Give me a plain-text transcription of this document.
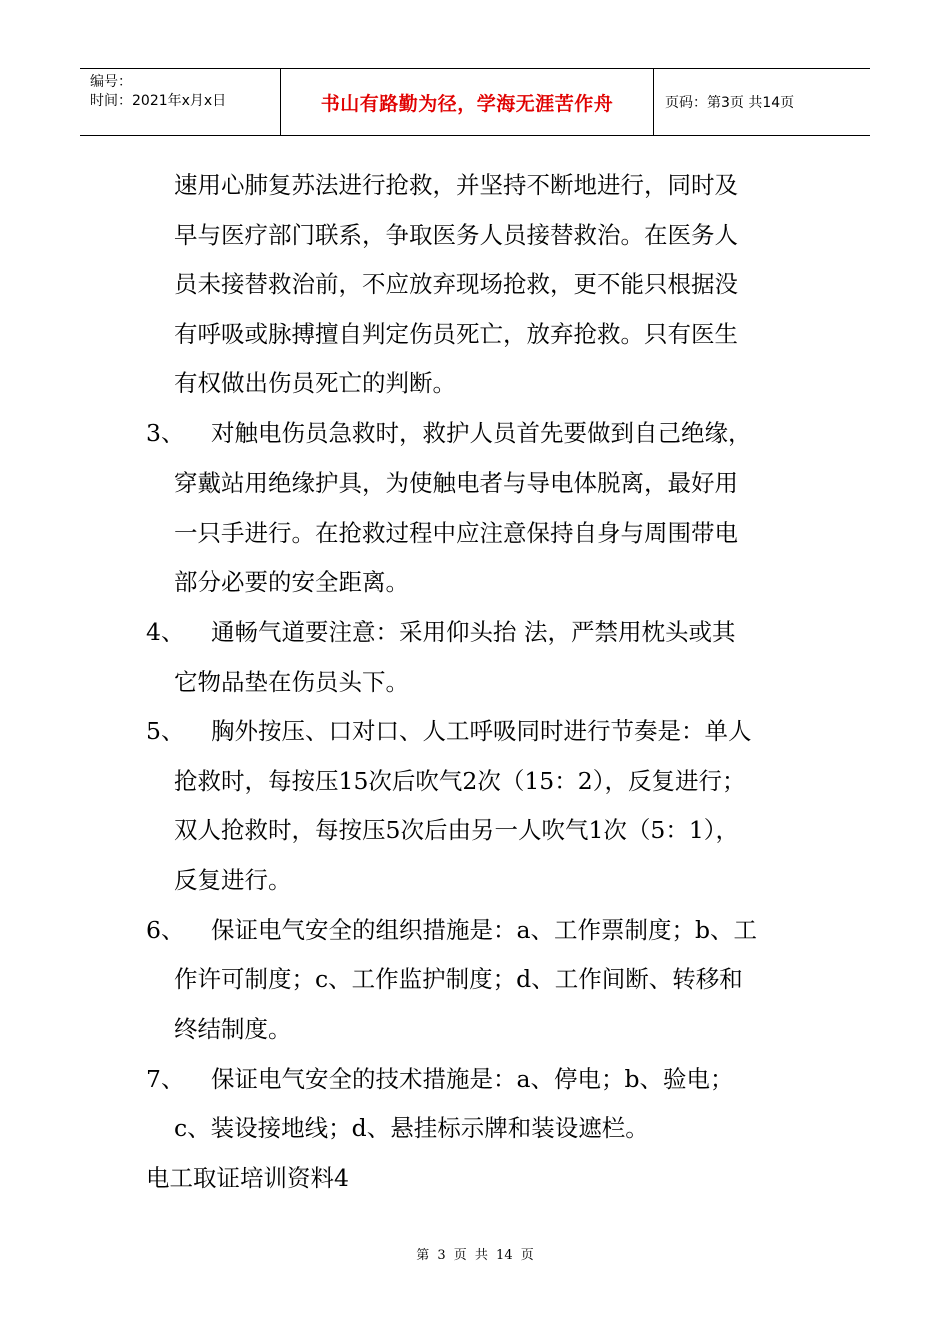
编号：
时间：2021年x月x日	书山有路勤为径，学海无涯苦作舟	页码：第3页 共14页
速用心肺复苏法进行抢救，并坚持不断地进行，同时及
早与医疗部门联系，争取医务人员接替救治。在医务人
员未接替救治前，不应放弃现场抢救，更不能只根据没
有呼吸或脉搏擅自判定伤员死亡，放弃抢救。只有医生
有权做出伤员死亡的判断。
3、 对触电伤员急救时，救护人员首先要做到自己绝缘，
穿戴站用绝缘护具，为使触电者与导电体脱离，最好用
一只手进行。在抢救过程中应注意保持自身与周围带电
部分必要的安全距离。
4、 通畅气道要注意：采用仰头抬 法，严禁用枕头或其
它物品垫在伤员头下。
5、 胸外按压、口对口、人工呼吸同时进行节奏是：单人
抢救时，每按压15次后吹气2次（15：2），反复进行；
双人抢救时，每按压5次后由另一人吹气1次（5：1），
反复进行。
6、 保证电气安全的组织措施是：a、工作票制度；b、工
作许可制度；c、工作监护制度；d、工作间断、转移和
终结制度。
7、 保证电气安全的技术措施是：a、停电；b、验电；
c、装设接地线；d、悬挂标示牌和装设遮栏。
电工取证培训资料4
第 3 页 共 14 页
